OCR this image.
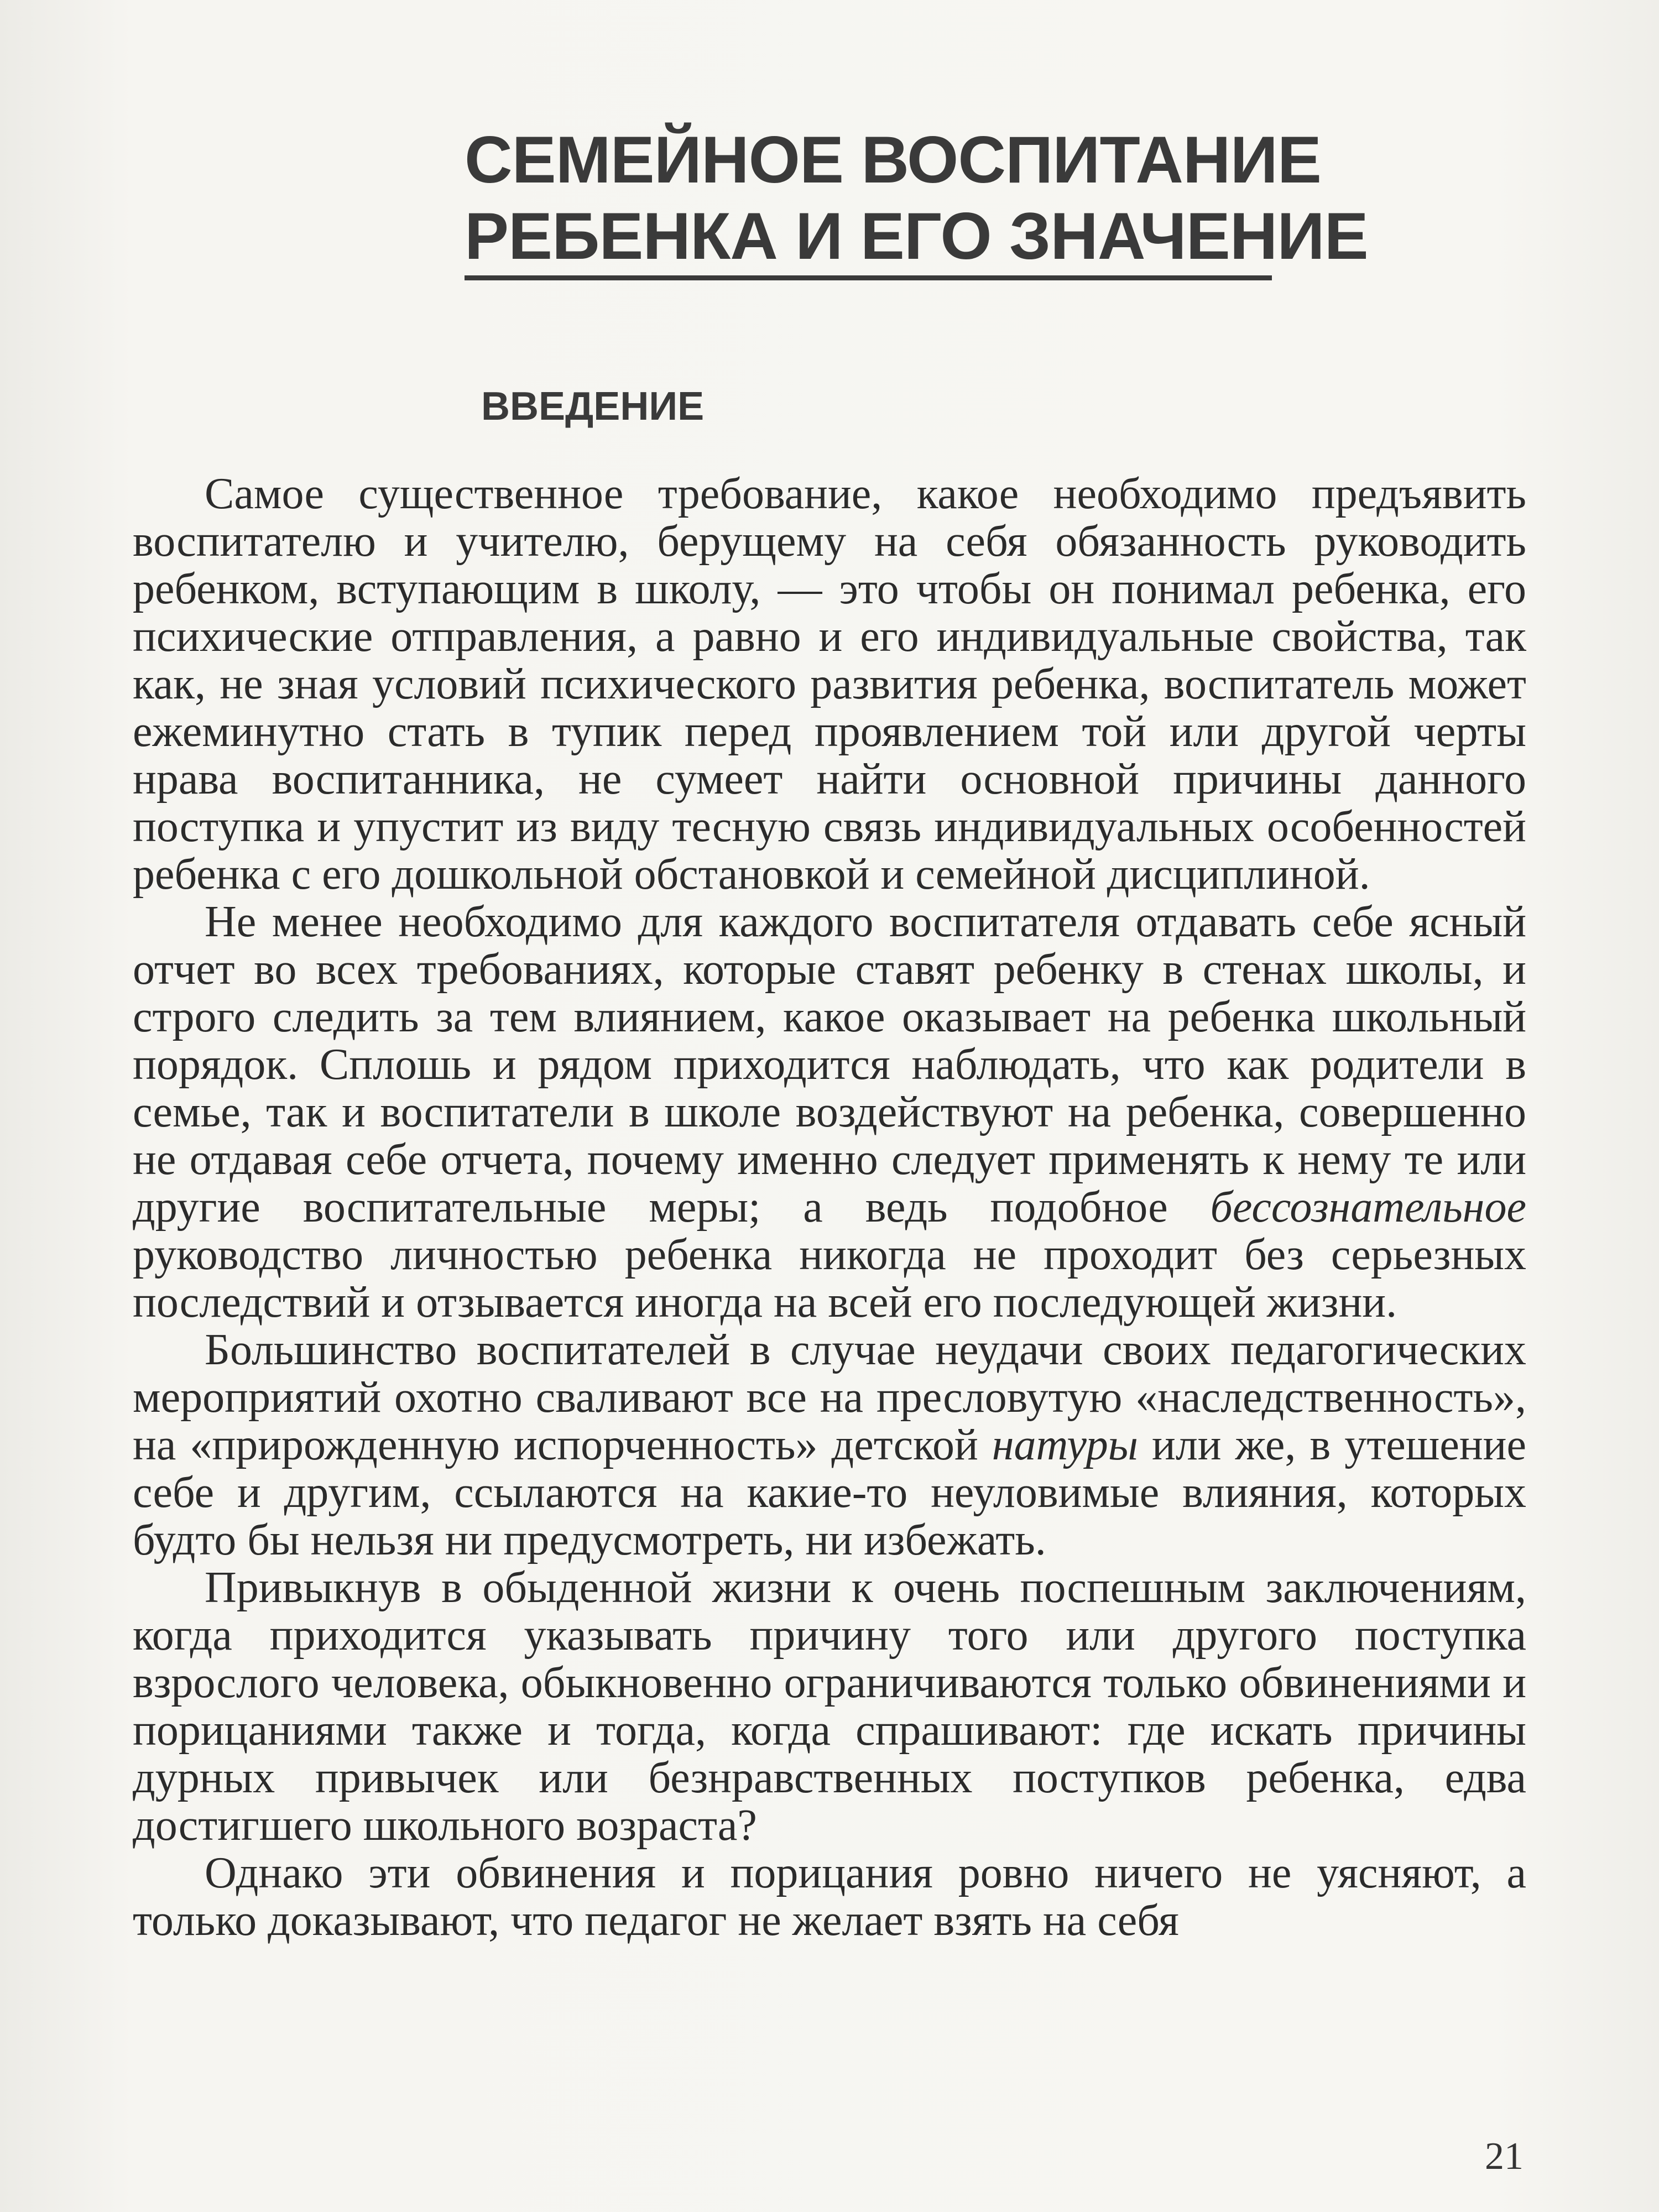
СЕМЕЙНОЕ ВОСПИТАНИЕ
РЕБЕНКА И ЕГО ЗНАЧЕНИЕ
ВВЕДЕНИЕ

Самое существенное требование, какое необходимо предъявить воспитателю и учителю, берущему на себя обязанность руководить ребенком, вступающим в школу, — это чтобы он понимал ребенка, его психические отправления, а равно и его индивидуальные свойства, так как, не зная условий психического развития ребенка, воспитатель может ежеминутно стать в тупик перед проявлением той или другой черты нрава воспитанника, не сумеет найти основной причины данного поступка и упустит из виду тесную связь индивидуальных особенностей ребенка с его дошкольной обстановкой и семейной дисциплиной.

Не менее необходимо для каждого воспитателя отдавать себе ясный отчет во всех требованиях, которые ставят ребенку в стенах школы, и строго следить за тем влиянием, какое оказывает на ребенка школьный порядок. Сплошь и рядом приходится наблюдать, что как родители в семье, так и воспитатели в школе воздействуют на ребенка, совершенно не отдавая себе отчета, почему именно следует применять к нему те или другие воспитательные меры; а ведь подобное бессознательное руководство личностью ребенка никогда не проходит без серьезных последствий и отзывается иногда на всей его последующей жизни.

Большинство воспитателей в случае неудачи своих педагогических мероприятий охотно сваливают все на пресловутую «наследственность», на «прирожденную испорченность» детской натуры или же, в утешение себе и другим, ссылаются на какие-то неуловимые влияния, которых будто бы нельзя ни предусмотреть, ни избежать.

Привыкнув в обыденной жизни к очень поспешным заключениям, когда приходится указывать причину того или другого поступка взрослого человека, обыкновенно ограничиваются только обвинениями и порицаниями также и тогда, когда спрашивают: где искать причины дурных привычек или безнравственных поступков ребенка, едва достигшего школьного возраста?

Однако эти обвинения и порицания ровно ничего не уясняют, а только доказывают, что педагог не желает взять на себя

21
